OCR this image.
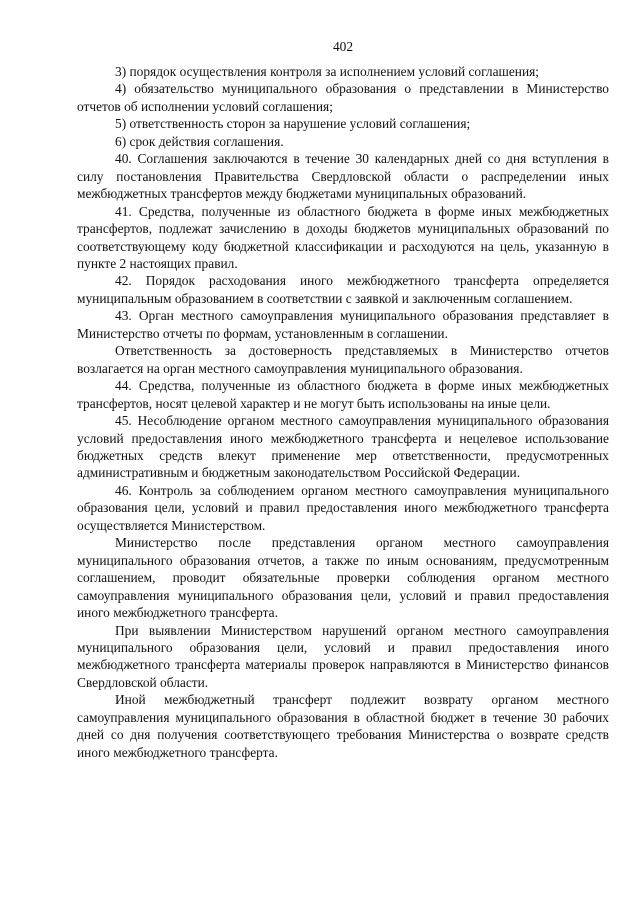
402

3) порядок осуществления контроля за исполнением условий соглашения;

4) обязательство муниципального образования о представлении в Министерство отчетов об исполнении условий соглашения;

5) ответственность сторон за нарушение условий соглашения;

6) срок действия соглашения.

40. Соглашения заключаются в течение 30 календарных дней со дня вступления в силу постановления Правительства Свердловской области о распределении иных межбюджетных трансфертов между бюджетами муниципальных образований.

41. Средства, полученные из областного бюджета в форме иных межбюджетных трансфертов, подлежат зачислению в доходы бюджетов муниципальных образований по соответствующему коду бюджетной классификации и расходуются на цель, указанную в пункте 2 настоящих правил.

42. Порядок расходования иного межбюджетного трансферта определяется муниципальным образованием в соответствии с заявкой и заключенным соглашением.

43. Орган местного самоуправления муниципального образования представляет в Министерство отчеты по формам, установленным в соглашении.

Ответственность за достоверность представляемых в Министерство отчетов возлагается на орган местного самоуправления муниципального образования.

44. Средства, полученные из областного бюджета в форме иных межбюджетных трансфертов, носят целевой характер и не могут быть использованы на иные цели.

45. Несоблюдение органом местного самоуправления муниципального образования условий предоставления иного межбюджетного трансферта и нецелевое использование бюджетных средств влекут применение мер ответственности, предусмотренных административным и бюджетным законодательством Российской Федерации.

46. Контроль за соблюдением органом местного самоуправления муниципального образования цели, условий и правил предоставления иного межбюджетного трансферта осуществляется Министерством.

Министерство после представления органом местного самоуправления муниципального образования отчетов, а также по иным основаниям, предусмотренным соглашением, проводит обязательные проверки соблюдения органом местного самоуправления муниципального образования цели, условий и правил предоставления иного межбюджетного трансферта.

При выявлении Министерством нарушений органом местного самоуправления муниципального образования цели, условий и правил предоставления иного межбюджетного трансферта материалы проверок направляются в Министерство финансов Свердловской области.

Иной межбюджетный трансферт подлежит возврату органом местного самоуправления муниципального образования в областной бюджет в течение 30 рабочих дней со дня получения соответствующего требования Министерства о возврате средств иного межбюджетного трансферта.
